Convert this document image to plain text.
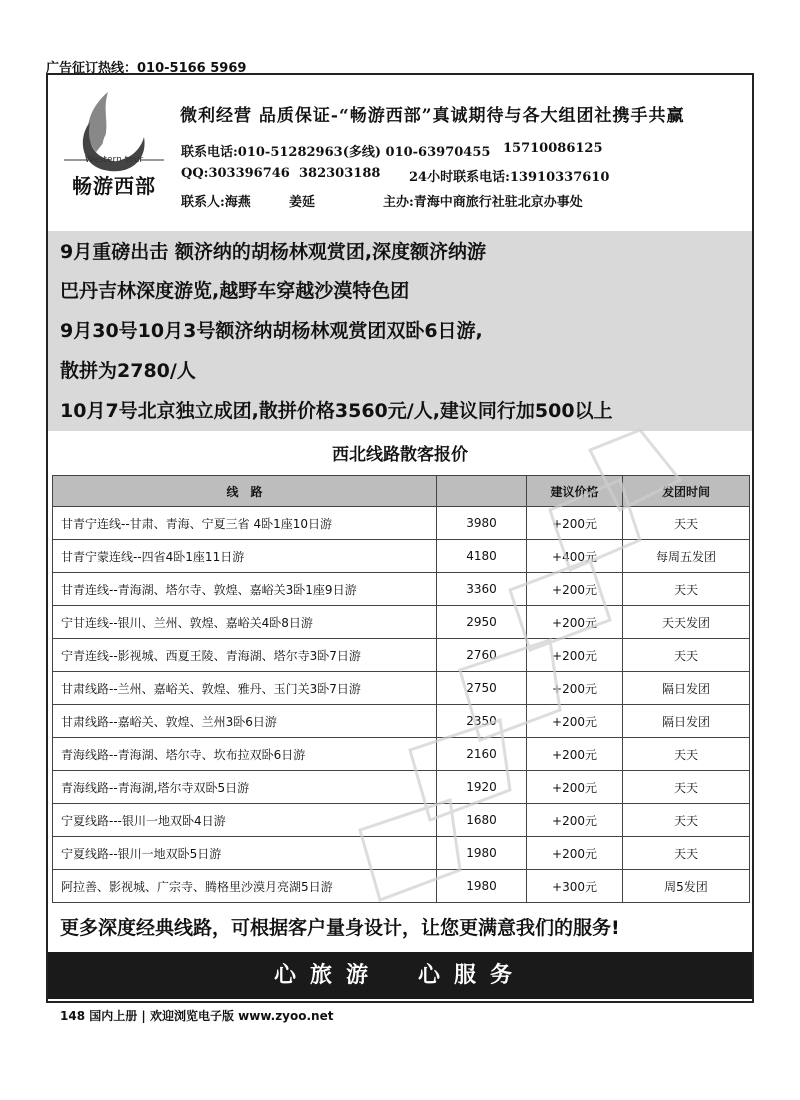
广告征订热线：010-5166 5969
Western tour
畅游西部
微利经营 品质保证-“畅游西部”真诚期待与各大组团社携手共赢
联系电话:010-51282963(多线) 010-63970455 15710086125
QQ:303396746 382303188 24小时联系电话:13910337610
联系人:海燕	姜延	主办:青海中商旅行社驻北京办事处
9月重磅出击 额济纳的胡杨林观赏团,深度额济纳游
巴丹吉林深度游览,越野车穿越沙漠特色团
9月30号10月3号额济纳胡杨林观赏团双卧6日游,
散拼为2780/人
10月7号北京独立成团,散拼价格3560元/人,建议同行加500以上
西北线路散客报价
线　路		建议价格	发团时间
甘青宁连线--甘肃、青海、宁夏三省 4卧1座10日游	3980	+200元	天天
甘青宁蒙连线--四省4卧1座11日游	4180	+400元	每周五发团
甘青连线--青海湖、塔尔寺、敦煌、嘉峪关3卧1座9日游	3360	+200元	天天
宁甘连线--银川、兰州、敦煌、嘉峪关4卧8日游	2950	+200元	天天发团
宁青连线--影视城、西夏王陵、青海湖、塔尔寺3卧7日游	2760	+200元	天天
甘肃线路--兰州、嘉峪关、敦煌、雅丹、玉门关3卧7日游	2750	+200元	隔日发团
甘肃线路--嘉峪关、敦煌、兰州3卧6日游	2350	+200元	隔日发团
青海线路--青海湖、塔尔寺、坎布拉双卧6日游	2160	+200元	天天
青海线路--青海湖,塔尔寺双卧5日游	1920	+200元	天天
宁夏线路---银川一地双卧4日游	1680	+200元	天天
宁夏线路--银川一地双卧5日游	1980	+200元	天天
阿拉善、影视城、广宗寺、腾格里沙漠月亮湖5日游	1980	+300元	周5发团
更多深度经典线路，可根据客户量身设计，让您更满意我们的服务!
心旅游　心服务
148 国内上册 | 欢迎浏览电子版 www.zyoo.net
